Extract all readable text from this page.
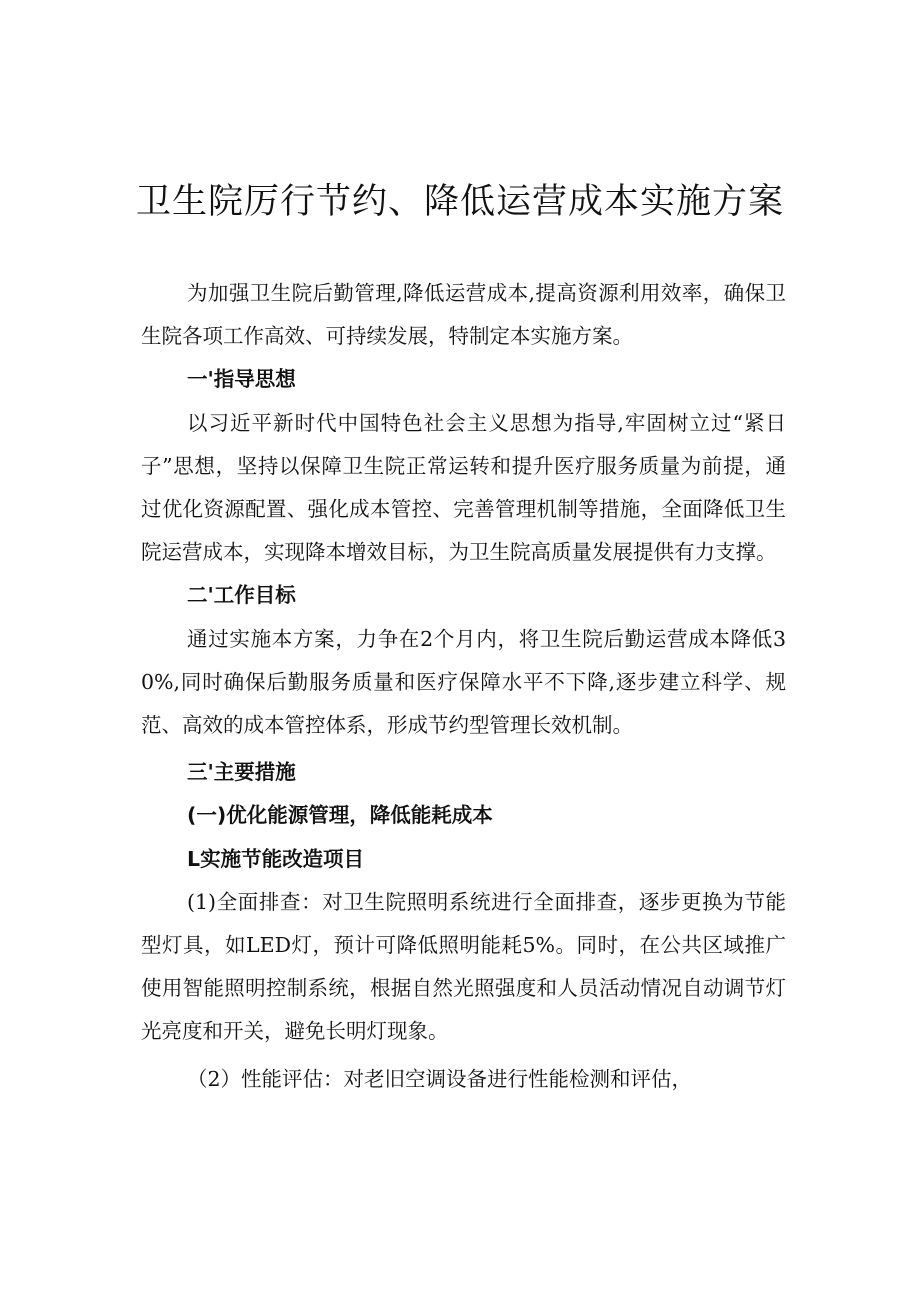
卫生院厉行节约、降低运营成本实施方案

为加强卫生院后勤管理,降低运营成本,提高资源利用效率，确保卫生院各项工作高效、可持续发展，特制定本实施方案。

一'指导思想

以习近平新时代中国特色社会主义思想为指导,牢固树立过“紧日子”思想，坚持以保障卫生院正常运转和提升医疗服务质量为前提，通过优化资源配置、强化成本管控、完善管理机制等措施，全面降低卫生院运营成本，实现降本增效目标，为卫生院高质量发展提供有力支撑。

二'工作目标

通过实施本方案，力争在2个月内，将卫生院后勤运营成本降低30%,同时确保后勤服务质量和医疗保障水平不下降,逐步建立科学、规范、高效的成本管控体系，形成节约型管理长效机制。

三'主要措施

(一)优化能源管理，降低能耗成本

L实施节能改造项目

(1)全面排查：对卫生院照明系统进行全面排查，逐步更换为节能型灯具，如LED灯，预计可降低照明能耗5%。同时，在公共区域推广使用智能照明控制系统，根据自然光照强度和人员活动情况自动调节灯光亮度和开关，避免长明灯现象。

（2）性能评估：对老旧空调设备进行性能检测和评估，
